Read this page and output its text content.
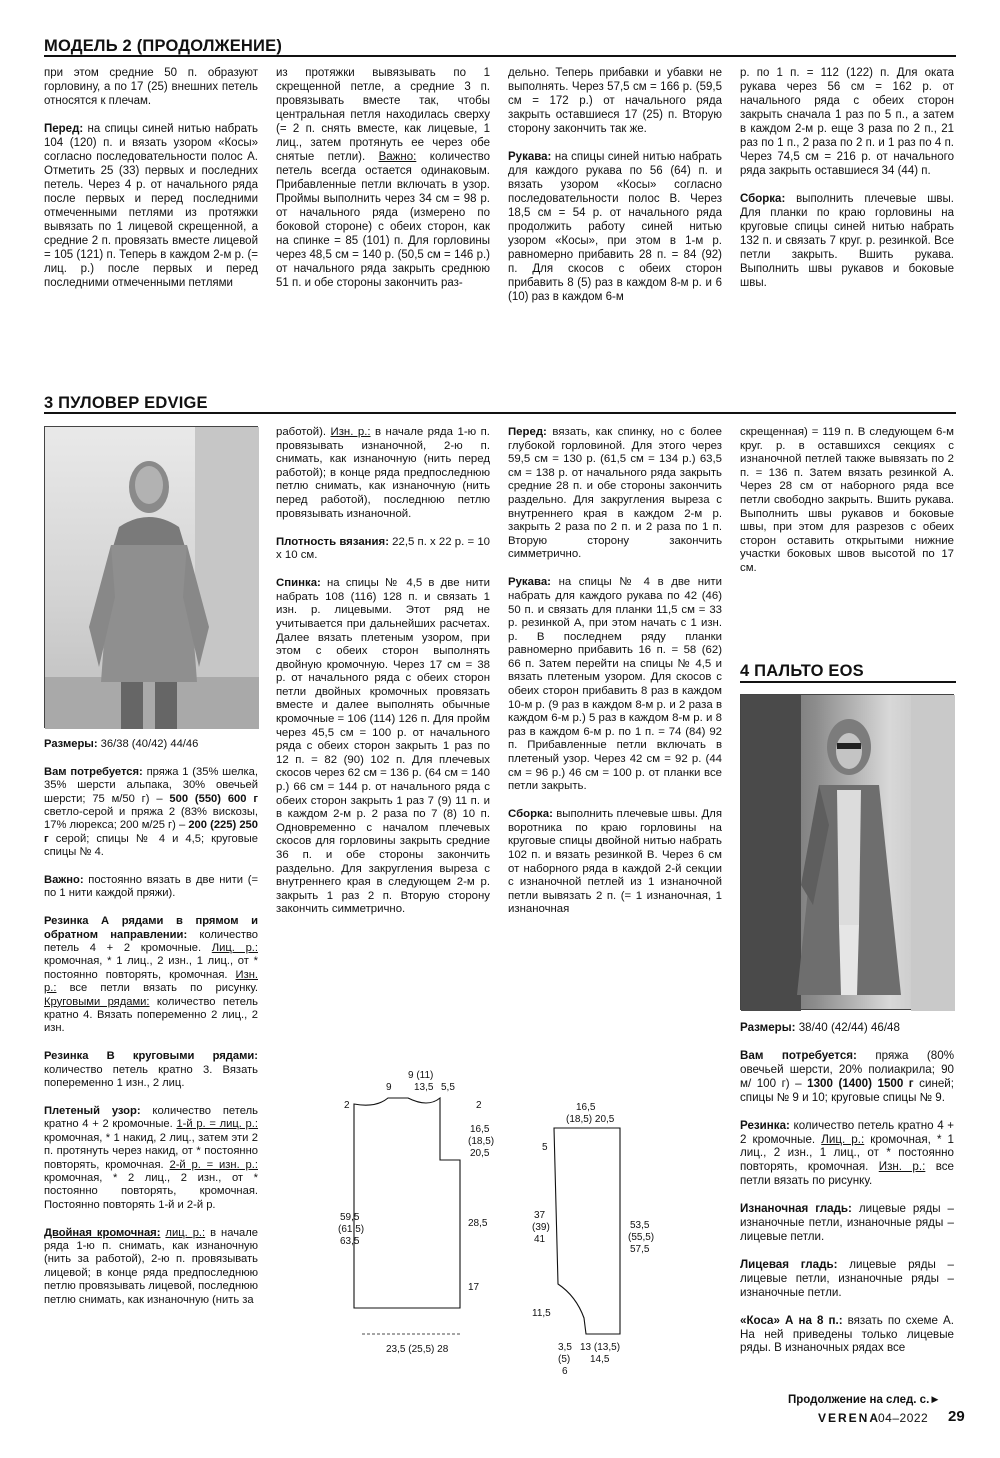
МОДЕЛЬ 2 (ПРОДОЛЖЕНИЕ)

при этом средние 50 п. образуют горловину, а по 17 (25) внешних петель относятся к плечам.

Перед: на спицы синей нитью набрать 104 (120) п. и вязать узором «Косы» согласно последовательности полос А. Отметить 25 (33) первых и последних петель. Через 4 р. от начального ряда после первых и перед последними отмеченными петлями из протяжки вывязать по 1 лицевой скрещенной, а средние 2 п. провязать вместе лицевой = 105 (121) п. Теперь в каждом 2-м р. (= лиц. р.) после первых и перед последними отмеченными петлями

из протяжки вывязывать по 1 скрещенной петле, а средние 3 п. провязывать вместе так, чтобы центральная петля находилась сверху (= 2 п. снять вместе, как лицевые, 1 лиц., затем протянуть ее через обе снятые петли). Важно: количество петель всегда остается одинаковым. Прибавленные петли включать в узор. Проймы выполнить через 34 см = 98 р. от начального ряда (измерено по боковой стороне) с обеих сторон, как на спинке = 85 (101) п. Для горловины через 48,5 см = 140 р. (50,5 см = 146 р.) от начального ряда закрыть среднюю 51 п. и обе стороны закончить раз-

дельно. Теперь прибавки и убавки не выполнять. Через 57,5 см = 166 р. (59,5 см = 172 р.) от начального ряда закрыть оставшиеся 17 (25) п. Вторую сторону закончить так же.

Рукава: на спицы синей нитью набрать для каждого рукава по 56 (64) п. и вязать узором «Косы» согласно последовательности полос В. Через 18,5 см = 54 р. от начального ряда продолжить работу синей нитью узором «Косы», при этом в 1-м р. равномерно прибавить 28 п. = 84 (92) п. Для скосов с обеих сторон прибавить 8 (5) раз в каждом 8-м р. и 6 (10) раз в каждом 6-м

р. по 1 п. = 112 (122) п. Для оката рукава через 56 см = 162 р. от начального ряда с обеих сторон закрыть сначала 1 раз по 5 п., а затем в каждом 2-м р. еще 3 раза по 2 п., 21 раз по 1 п., 2 раза по 2 п. и 1 раз по 4 п. Через 74,5 см = 216 р. от начального ряда закрыть оставшиеся 34 (44) п.

Сборка: выполнить плечевые швы. Для планки по краю горловины на круговые спицы синей нитью набрать 132 п. и связать 7 круг. р. резинкой. Все петли закрыть. Вшить рукава. Выполнить швы рукавов и боковые швы.

3 ПУЛОВЕР EDVIGE

Размеры: 36/38 (40/42) 44/46

Вам потребуется: пряжа 1 (35% шелка, 35% шерсти альпака, 30% овечьей шерсти; 75 м/50 г) – 500 (550) 600 г светло-серой и пряжа 2 (83% вискозы, 17% люрекса; 200 м/25 г) – 200 (225) 250 г серой; спицы № 4 и 4,5; круговые спицы № 4.

Важно: постоянно вязать в две нити (= по 1 нити каждой пряжи).

Резинка А рядами в прямом и обратном направлении: количество петель 4 + 2 кромочные. Лиц. р.: кромочная, * 1 лиц., 2 изн., 1 лиц., от * постоянно повторять, кромочная. Изн. р.: все петли вязать по рисунку. Круговыми рядами: количество петель кратно 4. Вязать попеременно 2 лиц., 2 изн.

Резинка В круговыми рядами: количество петель кратно 3. Вязать попеременно 1 изн., 2 лиц.

Плетеный узор: количество петель кратно 4 + 2 кромочные. 1-й р. = лиц. р.: кромочная, * 1 накид, 2 лиц., затем эти 2 п. протянуть через накид, от * постоянно повторять, кромочная. 2-й р. = изн. р.: кромочная, * 2 лиц., 2 изн., от * постоянно повторять, кромочная. Постоянно повторять 1-й и 2-й р.

Двойная кромочная: лиц. р.: в начале ряда 1-ю п. снимать, как изнаночную (нить за работой), 2-ю п. провязывать лицевой; в конце ряда предпоследнюю петлю провязывать лицевой, последнюю петлю снимать, как изнаночную (нить за

работой). Изн. р.: в начале ряда 1-ю п. провязывать изнаночной, 2-ю п. снимать, как изнаночную (нить перед работой); в конце ряда предпоследнюю петлю снимать, как изнаночную (нить перед работой), последнюю петлю провязывать изнаночной.

Плотность вязания: 22,5 п. х 22 р. = 10 х 10 см.

Спинка: на спицы № 4,5 в две нити набрать 108 (116) 128 п. и связать 1 изн. р. лицевыми. Этот ряд не учитывается при дальнейших расчетах. Далее вязать плетеным узором, при этом с обеих сторон выполнять двойную кромочную. Через 17 см = 38 р. от начального ряда с обеих сторон петли двойных кромочных провязать вместе и далее выполнять обычные кромочные = 106 (114) 126 п. Для пройм через 45,5 см = 100 р. от начального ряда с обеих сторон закрыть 1 раз по 12 п. = 82 (90) 102 п. Для плечевых скосов через 62 см = 136 р. (64 см = 140 р.) 66 см = 144 р. от начального ряда с обеих сторон закрыть 1 раз 7 (9) 11 п. и в каждом 2-м р. 2 раза по 7 (8) 10 п. Одновременно с началом плечевых скосов для горловины закрыть средние 36 п. и обе стороны закончить раздельно. Для закругления выреза с внутреннего края в следующем 2-м р. закрыть 1 раз 2 п. Вторую сторону закончить симметрично.

Перед: вязать, как спинку, но с более глубокой горловиной. Для этого через 59,5 см = 130 р. (61,5 см = 134 р.) 63,5 см = 138 р. от начального ряда закрыть средние 28 п. и обе стороны закончить раздельно. Для закругления выреза с внутреннего края в каждом 2-м р. закрыть 2 раза по 2 п. и 2 раза по 1 п. Вторую сторону закончить симметрично.

Рукава: на спицы № 4 в две нити набрать для каждого рукава по 42 (46) 50 п. и связать для планки 11,5 см = 33 р. резинкой А, при этом начать с 1 изн. р. В последнем ряду планки равномерно прибавить 16 п. = 58 (62) 66 п. Затем перейти на спицы № 4,5 и вязать плетеным узором. Для скосов с обеих сторон прибавить 8 раз в каждом 10-м р. (9 раз в каждом 8-м р. и 2 раза в каждом 6-м р.) 5 раз в каждом 8-м р. и 8 раз в каждом 6-м р. по 1 п. = 74 (84) 92 п. Прибавленные петли включать в плетеный узор. Через 42 см = 92 р. (44 см = 96 р.) 46 см = 100 р. от планки все петли закрыть.

Сборка: выполнить плечевые швы. Для воротника по краю горловины на круговые спицы двойной нитью набрать 102 п. и вязать резинкой В. Через 6 см от наборного ряда в каждой 2-й секции с изнаночной петлей из 1 изнаночной петли вывязать 2 п. (= 1 изнаночная, 1 изнаночная

скрещенная) = 119 п. В следующем 6-м круг. р. в оставшихся секциях с изнаночной петлей также вывязать по 2 п. = 136 п. Затем вязать резинкой А. Через 28 см от наборного ряда все петли свободно закрыть. Вшить рукава. Выполнить швы рукавов и боковые швы, при этом для разрезов с обеих сторон оставить открытыми нижние участки боковых швов высотой по 17 см.

4 ПАЛЬТО EOS

Размеры: 38/40 (42/44) 46/48

Вам потребуется: пряжа (80% овечьей шерсти, 20% полиакрила; 90 м/ 100 г) – 1300 (1400) 1500 г синей; спицы № 9 и 10; круговые спицы № 9.

Резинка: количество петель кратно 4 + 2 кромочные. Лиц. р.: кромочная, * 1 лиц., 2 изн., 1 лиц., от * постоянно повторять, кромочная. Изн. р.: все петли вязать по рисунку.

Изнаночная гладь: лицевые ряды – изнаночные петли, изнаночные ряды – лицевые петли.

Лицевая гладь: лицевые ряды – лицевые петли, изнаночные ряды – изнаночные петли.

«Коса» А на 8 п.: вязать по схеме А. На ней приведены только лицевые ряды. В изнаночных рядах все

Продолжение на след. с.►
VERENA
04–2022 29
9
9 (11)
13,5 5,5
2	2
16,5
(18,5)
20,5
59,5
(61,5)
63,5
28,5
17
23,5 (25,5) 28
16,5
(18,5) 20,5
5
37
(39)
41
53,5
(55,5)
57,5
11,5
3,5
(5)
6
13 (13,5)
14,5
